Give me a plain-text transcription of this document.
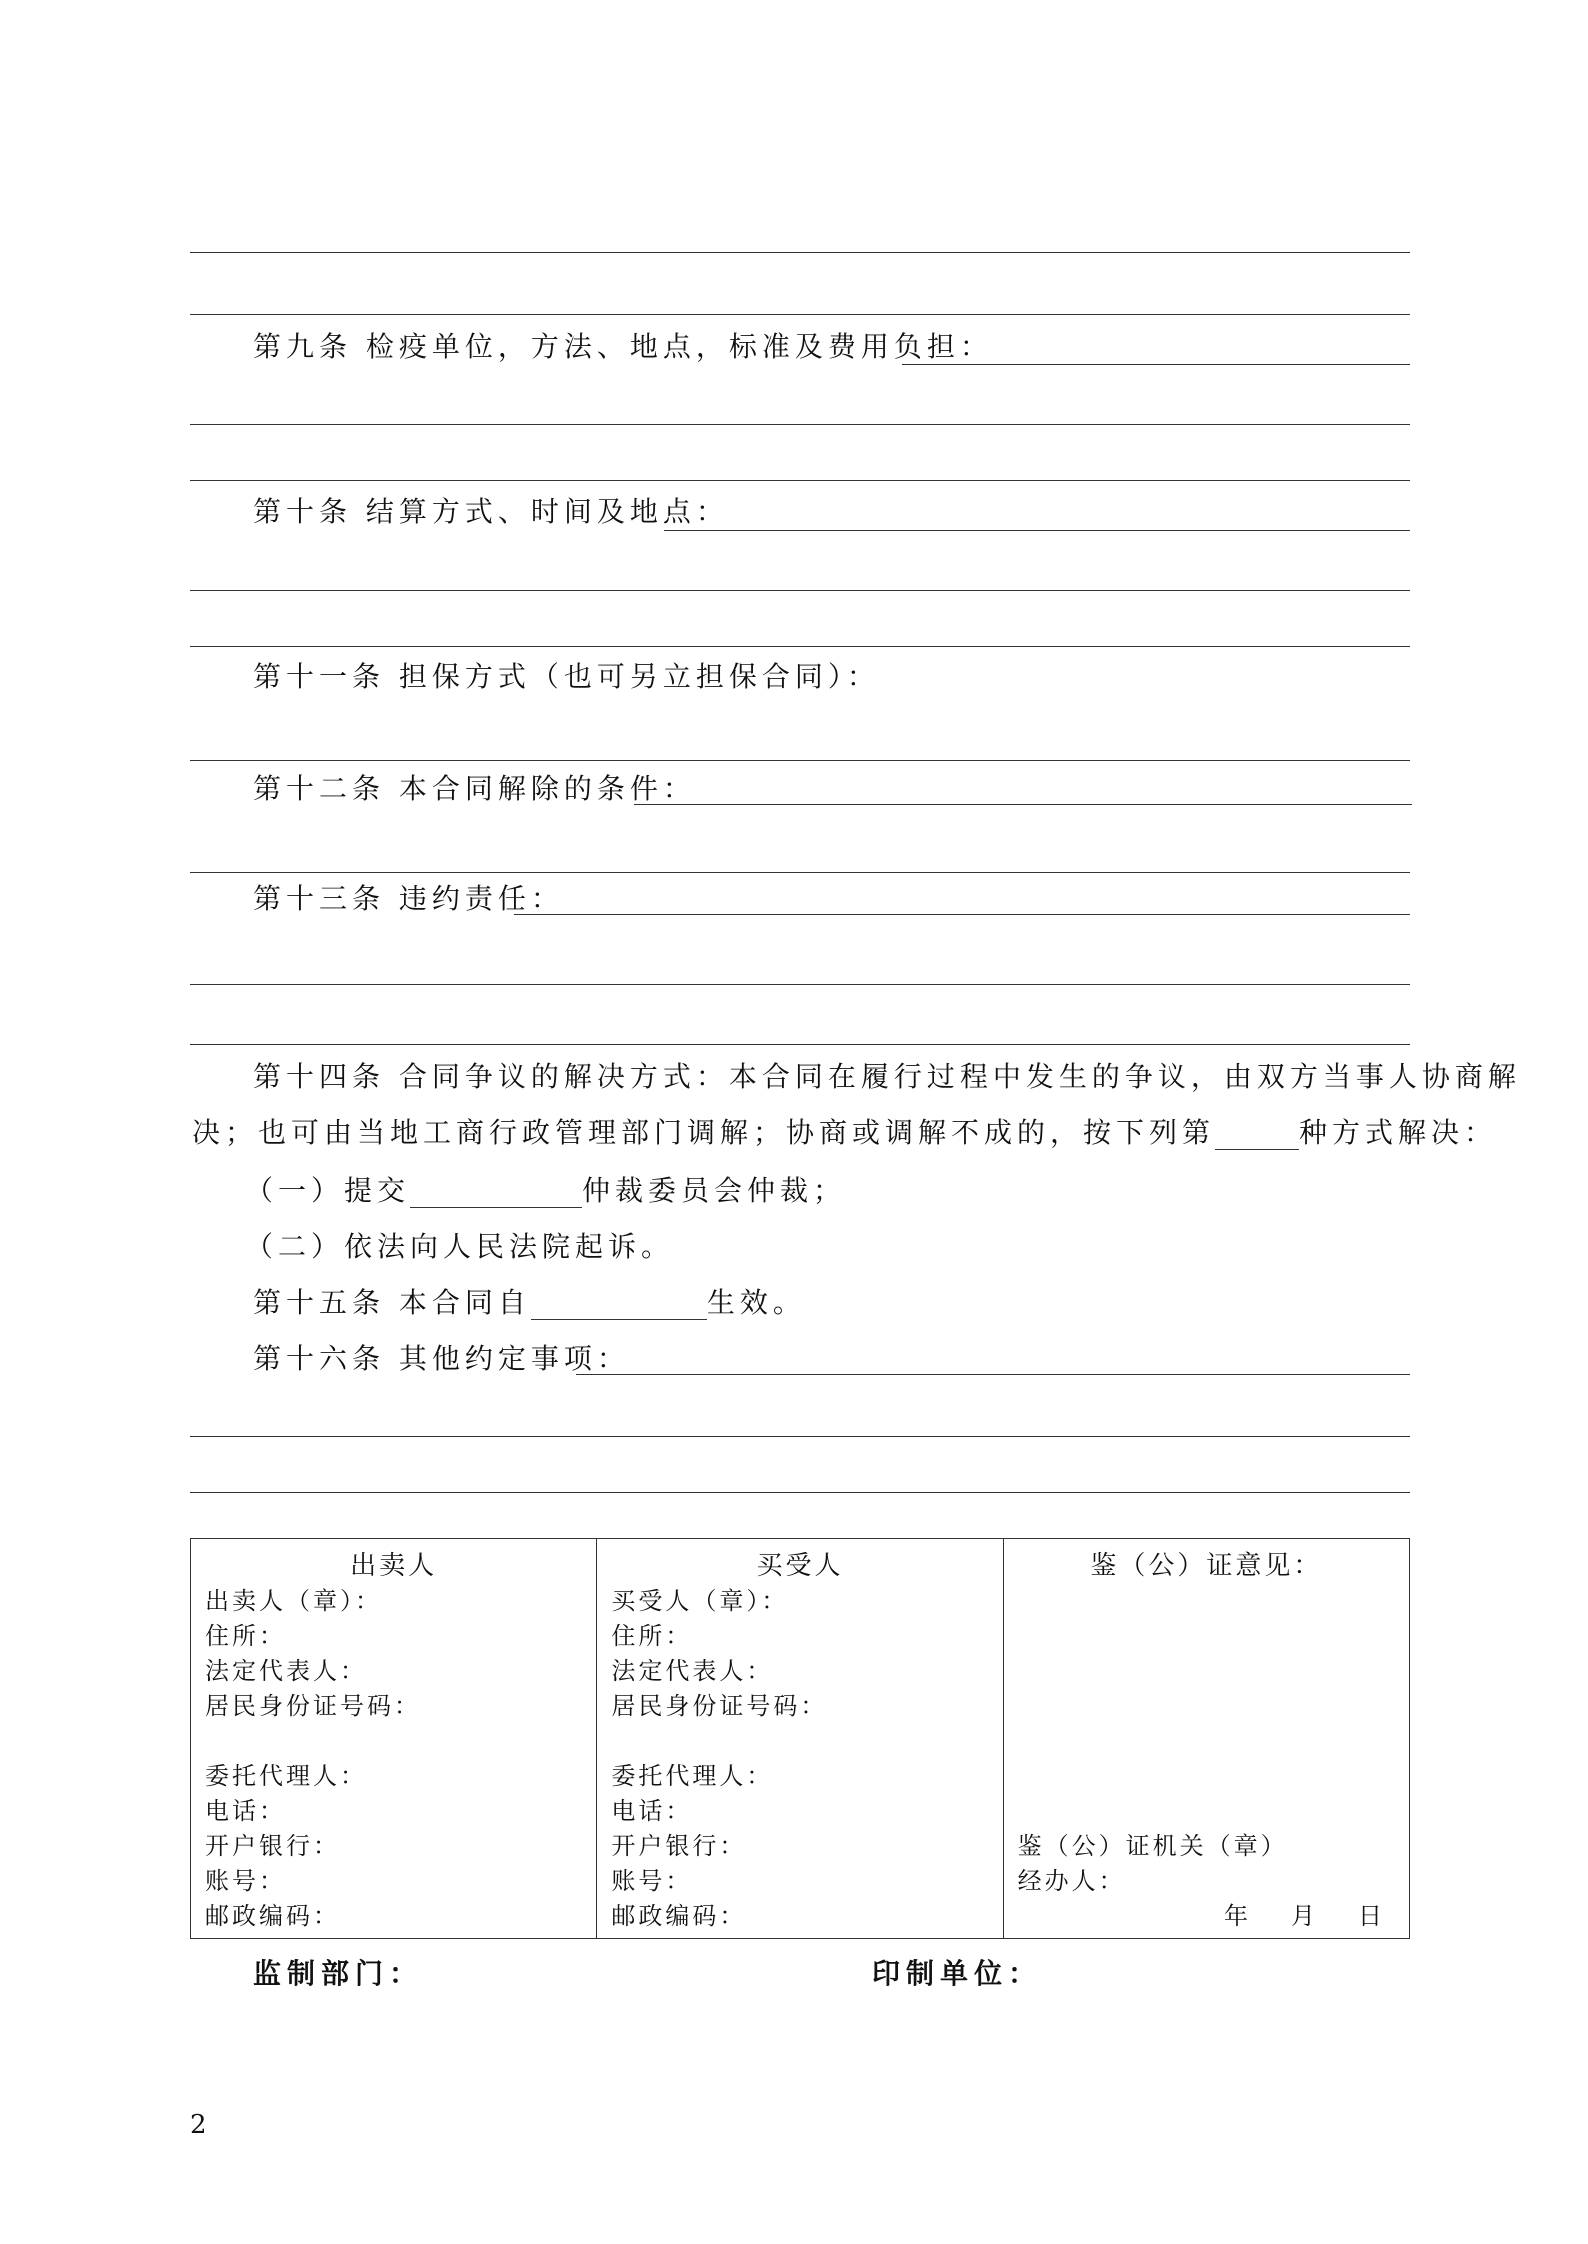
第九条 检疫单位，方法、地点，标准及费用负担：
第十条 结算方式、时间及地点：
第十一条 担保方式（也可另立担保合同）：
第十二条 本合同解除的条件：
第十三条 违约责任：
第十四条 合同争议的解决方式：本合同在履行过程中发生的争议，由双方当事人协商解
决；也可由当地工商行政管理部门调解；协商或调解不成的，按下列第	种方式解决：
（一）提交	仲裁委员会仲裁；
（二）依法向人民法院起诉。
第十五条 本合同自	生效。
第十六条 其他约定事项：
出卖人
出卖人（章）：
住所：
法定代表人：
居民身份证号码：
委托代理人：
电话：
开户银行：
账号：
邮政编码：

买受人
买受人（章）：
住所：
法定代表人：
居民身份证号码：
委托代理人：
电话：
开户银行：
账号：
邮政编码：

鉴（公）证意见：
鉴（公）证机关（章）
经办人：
年 月 日
监制部门：	印制单位：
2
